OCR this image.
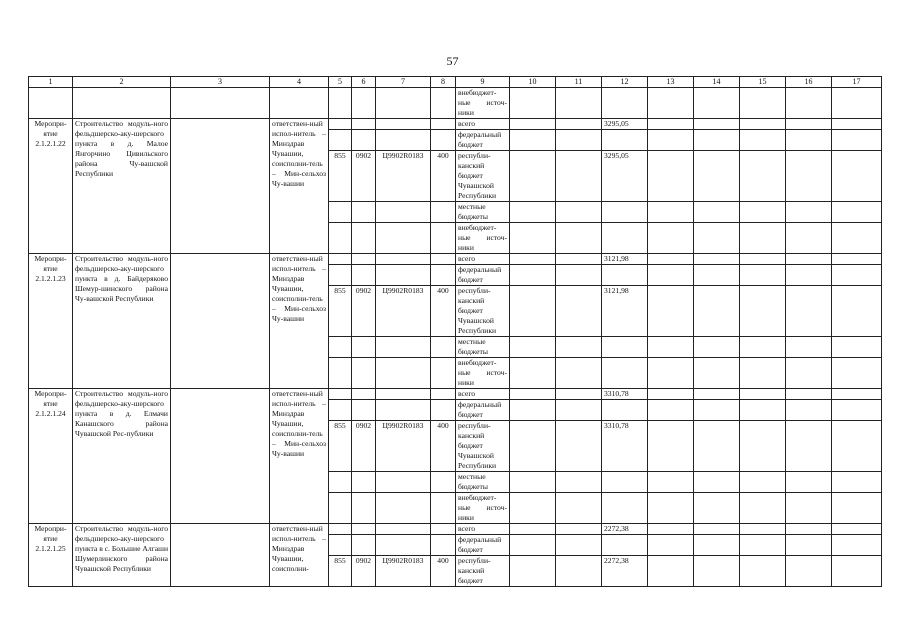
57
1	2	3	4	5	6	7	8	9	10	11	12	13	14	15	16	17
								внебюджет-ные источ-ники								
Меропри-ятие 2.1.2.1.22	Строительство модуль-ного фельдшерско-аку-шерского пункта в д. Малое Янгорчино Цивильского района Чу-вашской Республики		ответствен-ный испол-нитель – Минздрав Чувашии, соисполни-тель – Мин-сельхоз Чу-вашии					всего			3295,05					
								федеральный бюджет								
				855	0902	Ц9902R0183	400	республи-канский бюджет Чувашской Республики			3295,05					
								местные бюджеты								
								внебюджет-ные источ-ники								
Меропри-ятие 2.1.2.1.23	Строительство модуль-ного фельдшерско-аку-шерского пункта в д. Байдеряково Шемур-шинского района Чу-вашской Республики		ответствен-ный испол-нитель – Минздрав Чувашии, соисполни-тель – Мин-сельхоз Чу-вашии					всего			3121,98					
								федеральный бюджет								
				855	0902	Ц9902R0183	400	республи-канский бюджет Чувашской Республики			3121,98					
								местные бюджеты								
								внебюджет-ные источ-ники								
Меропри-ятие 2.1.2.1.24	Строительство модуль-ного фельдшерско-аку-шерского пункта в д. Елмачи Канашского района Чувашской Рес-публики		ответствен-ный испол-нитель – Минздрав Чувашии, соисполни-тель – Мин-сельхоз Чу-вашии					всего			3310,78					
								федеральный бюджет								
				855	0902	Ц9902R0183	400	республи-канский бюджет Чувашской Республики			3310,78					
								местные бюджеты								
								внебюджет-ные источ-ники								
Меропри-ятие 2.1.2.1.25	Строительство модуль-ного фельдшерско-аку-шерского пункта в с. Большие Алгаши Шумерлинского района Чувашской Республики		ответствен-ный испол-нитель – Минздрав Чувашии, соисполни-					всего			2272,38					
								федеральный бюджет								
				855	0902	Ц9902R0183	400	республи-канский бюджет			2272,38					
